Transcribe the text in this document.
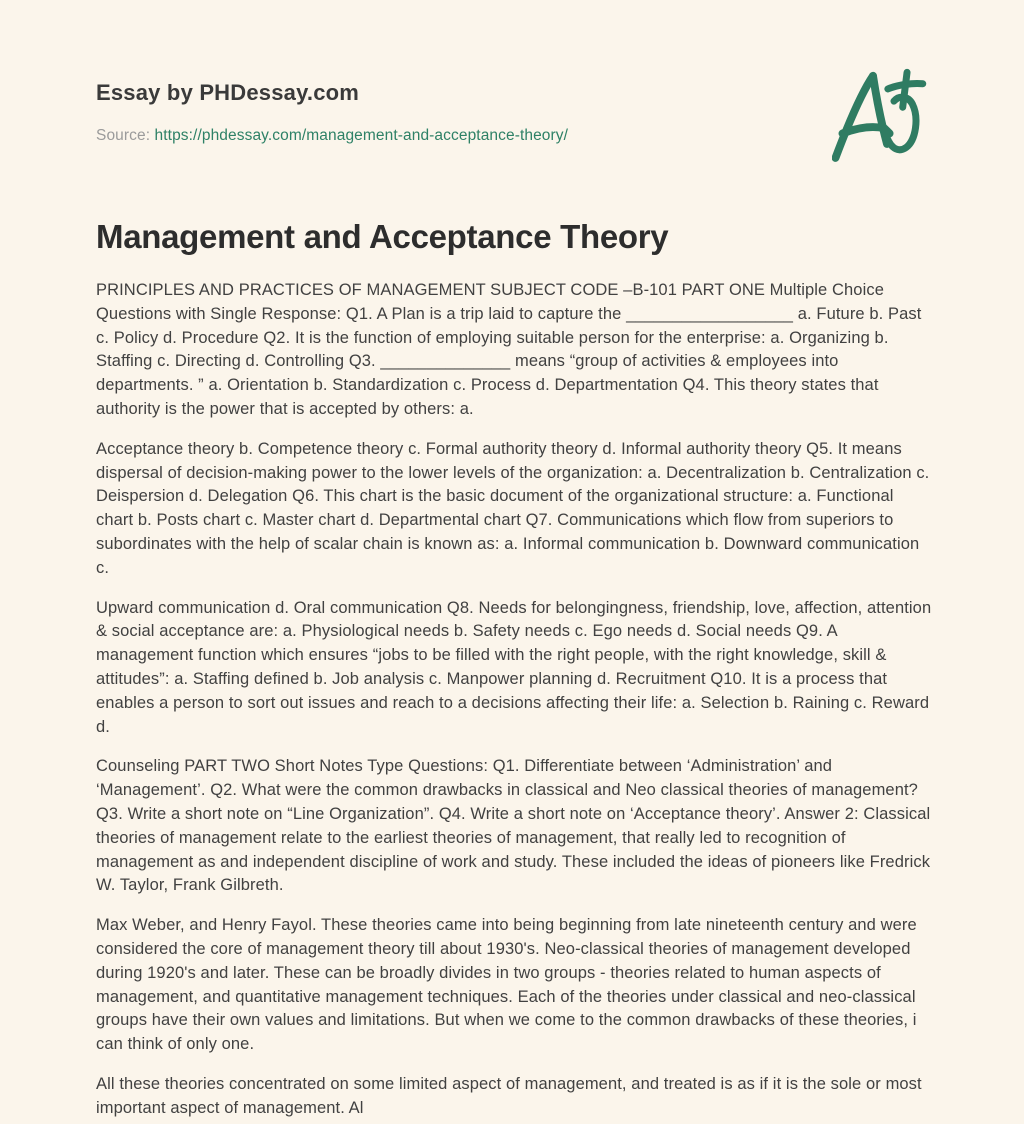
Essay by PHDessay.com
Source: https://phdessay.com/management-and-acceptance-theory/
Management and Acceptance Theory

PRINCIPLES AND PRACTICES OF MANAGEMENT SUBJECT CODE –B-101 PART ONE Multiple Choice Questions with Single Response: Q1. A Plan is a trip laid to capture the __________________ a. Future b. Past c. Policy d. Procedure Q2. It is the function of employing suitable person for the enterprise: a. Organizing b. Staffing c. Directing d. Controlling Q3. ______________ means “group of activities & employees into departments. ” a. Orientation b. Standardization c. Process d. Departmentation Q4. This theory states that authority is the power that is accepted by others: a.

Acceptance theory b. Competence theory c. Formal authority theory d. Informal authority theory Q5. It means dispersal of decision-making power to the lower levels of the organization: a. Decentralization b. Centralization c. Deispersion d. Delegation Q6. This chart is the basic document of the organizational structure: a. Functional chart b. Posts chart c. Master chart d. Departmental chart Q7. Communications which flow from superiors to subordinates with the help of scalar chain is known as: a. Informal communication b. Downward communication c.

Upward communication d. Oral communication Q8. Needs for belongingness, friendship, love, affection, attention & social acceptance are: a. Physiological needs b. Safety needs c. Ego needs d. Social needs Q9. A management function which ensures “jobs to be filled with the right people, with the right knowledge, skill & attitudes”: a. Staffing defined b. Job analysis c. Manpower planning d. Recruitment Q10. It is a process that enables a person to sort out issues and reach to a decisions affecting their life: a. Selection b. Raining c. Reward d.

Counseling PART TWO Short Notes Type Questions: Q1. Differentiate between ‘Administration’ and ‘Management’. Q2. What were the common drawbacks in classical and Neo classical theories of management? Q3. Write a short note on “Line Organization”. Q4. Write a short note on ‘Acceptance theory’. Answer 2: Classical theories of management relate to the earliest theories of management, that really led to recognition of management as and independent discipline of work and study. These included the ideas of pioneers like Fredrick W. Taylor, Frank Gilbreth.

Max Weber, and Henry Fayol. These theories came into being beginning from late nineteenth century and were considered the core of management theory till about 1930's. Neo-classical theories of management developed during 1920's and later. These can be broadly divides in two groups - theories related to human aspects of management, and quantitative management techniques. Each of the theories under classical and neo-classical groups have their own values and limitations. But when we come to the common drawbacks of these theories, i can think of only one.

All these theories concentrated on some limited aspect of management, and treated is as if it is the sole or most important aspect of management. Al
